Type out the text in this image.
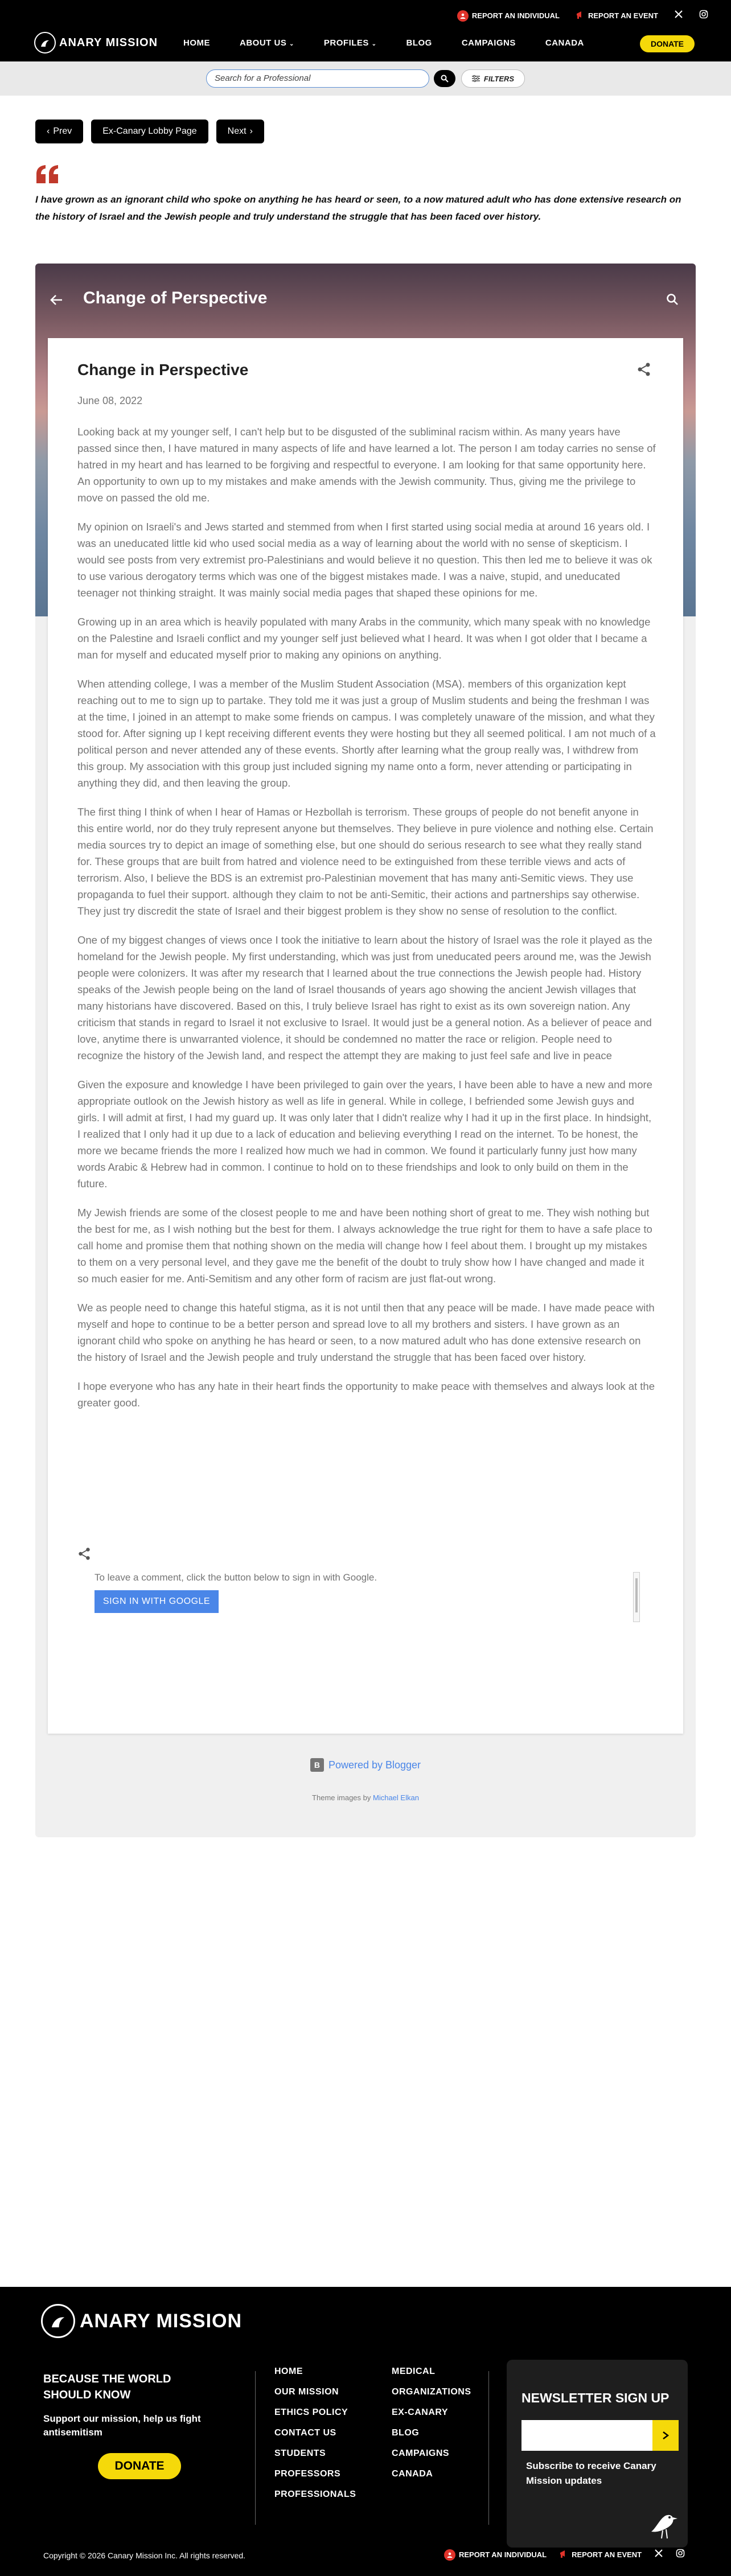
REPORT AN INDIVIDUAL	REPORT AN EVENT
ANARY MISSION	HOME	ABOUT US ⌄	PROFILES ⌄	BLOG	CAMPAIGNS	CANADA	DONATE
Search for a Professional	FILTERS
‹ Prev	Ex-Canary Lobby Page	Next ›
I have grown as an ignorant child who spoke on anything he has heard or seen, to a now matured adult who has done extensive research on the history of Israel and the Jewish people and truly understand the struggle that has been faced over history.
Change of Perspective
Change in Perspective
June 08, 2022

Looking back at my younger self, I can't help but to be disgusted of the subliminal racism within. As many years have passed since then, I have matured in many aspects of life and have learned a lot. The person I am today carries no sense of hatred in my heart and has learned to be forgiving and respectful to everyone. I am looking for that same opportunity here. An opportunity to own up to my mistakes and make amends with the Jewish community. Thus, giving me the privilege to move on passed the old me.

My opinion on Israeli's and Jews started and stemmed from when I first started using social media at around 16 years old. I was an uneducated little kid who used social media as a way of learning about the world with no sense of skepticism. I would see posts from very extremist pro-Palestinians and would believe it no question. This then led me to believe it was ok to use various derogatory terms which was one of the biggest mistakes made. I was a naive, stupid, and uneducated teenager not thinking straight. It was mainly social media pages that shaped these opinions for me.

Growing up in an area which is heavily populated with many Arabs in the community, which many speak with no knowledge on the Palestine and Israeli conflict and my younger self just believed what I heard. It was when I got older that I became a man for myself and educated myself prior to making any opinions on anything.

When attending college, I was a member of the Muslim Student Association (MSA). members of this organization kept reaching out to me to sign up to partake. They told me it was just a group of Muslim students and being the freshman I was at the time, I joined in an attempt to make some friends on campus. I was completely unaware of the mission, and what they stood for. After signing up I kept receiving different events they were hosting but they all seemed political. I am not much of a political person and never attended any of these events. Shortly after learning what the group really was, I withdrew from this group. My association with this group just included signing my name onto a form, never attending or participating in anything they did, and then leaving the group.

The first thing I think of when I hear of Hamas or Hezbollah is terrorism. These groups of people do not benefit anyone in this entire world, nor do they truly represent anyone but themselves. They believe in pure violence and nothing else. Certain media sources try to depict an image of something else, but one should do serious research to see what they really stand for. These groups that are built from hatred and violence need to be extinguished from these terrible views and acts of terrorism. Also, I believe the BDS is an extremist pro-Palestinian movement that has many anti-Semitic views. They use propaganda to fuel their support. although they claim to not be anti-Semitic, their actions and partnerships say otherwise. They just try discredit the state of Israel and their biggest problem is they show no sense of resolution to the conflict.

One of my biggest changes of views once I took the initiative to learn about the history of Israel was the role it played as the homeland for the Jewish people. My first understanding, which was just from uneducated peers around me, was the Jewish people were colonizers. It was after my research that I learned about the true connections the Jewish people had. History speaks of the Jewish people being on the land of Israel thousands of years ago showing the ancient Jewish villages that many historians have discovered. Based on this, I truly believe Israel has right to exist as its own sovereign nation. Any criticism that stands in regard to Israel it not exclusive to Israel. It would just be a general notion. As a believer of peace and love, anytime there is unwarranted violence, it should be condemned no matter the race or religion. People need to recognize the history of the Jewish land, and respect the attempt they are making to just feel safe and live in peace

Given the exposure and knowledge I have been privileged to gain over the years, I have been able to have a new and more appropriate outlook on the Jewish history as well as life in general. While in college, I befriended some Jewish guys and girls. I will admit at first, I had my guard up. It was only later that I didn't realize why I had it up in the first place. In hindsight, I realized that I only had it up due to a lack of education and believing everything I read on the internet. To be honest, the more we became friends the more I realized how much we had in common. We found it particularly funny just how many words Arabic & Hebrew had in common. I continue to hold on to these friendships and look to only build on them in the future.

My Jewish friends are some of the closest people to me and have been nothing short of great to me. They wish nothing but the best for me, as I wish nothing but the best for them. I always acknowledge the true right for them to have a safe place to call home and promise them that nothing shown on the media will change how I feel about them. I brought up my mistakes to them on a very personal level, and they gave me the benefit of the doubt to truly show how I have changed and made it so much easier for me. Anti-Semitism and any other form of racism are just flat-out wrong.

We as people need to change this hateful stigma, as it is not until then that any peace will be made. I have made peace with myself and hope to continue to be a better person and spread love to all my brothers and sisters. I have grown as an ignorant child who spoke on anything he has heard or seen, to a now matured adult who has done extensive research on the history of Israel and the Jewish people and truly understand the struggle that has been faced over history.

I hope everyone who has any hate in their heart finds the opportunity to make peace with themselves and always look at the greater good.

To leave a comment, click the button below to sign in with Google.
SIGN IN WITH GOOGLE
B Powered by Blogger
Theme images by Michael Elkan
ANARY MISSION
BECAUSE THE WORLD SHOULD KNOW
Support our mission, help us fight antisemitism
DONATE
HOME
OUR MISSION
ETHICS POLICY
CONTACT US
STUDENTS
PROFESSORS
PROFESSIONALS
MEDICAL
ORGANIZATIONS
EX-CANARY
BLOG
CAMPAIGNS
CANADA
NEWSLETTER SIGN UP
Subscribe to receive Canary Mission updates
Copyright © 2026 Canary Mission Inc. All rights reserved.	REPORT AN INDIVIDUAL	REPORT AN EVENT
